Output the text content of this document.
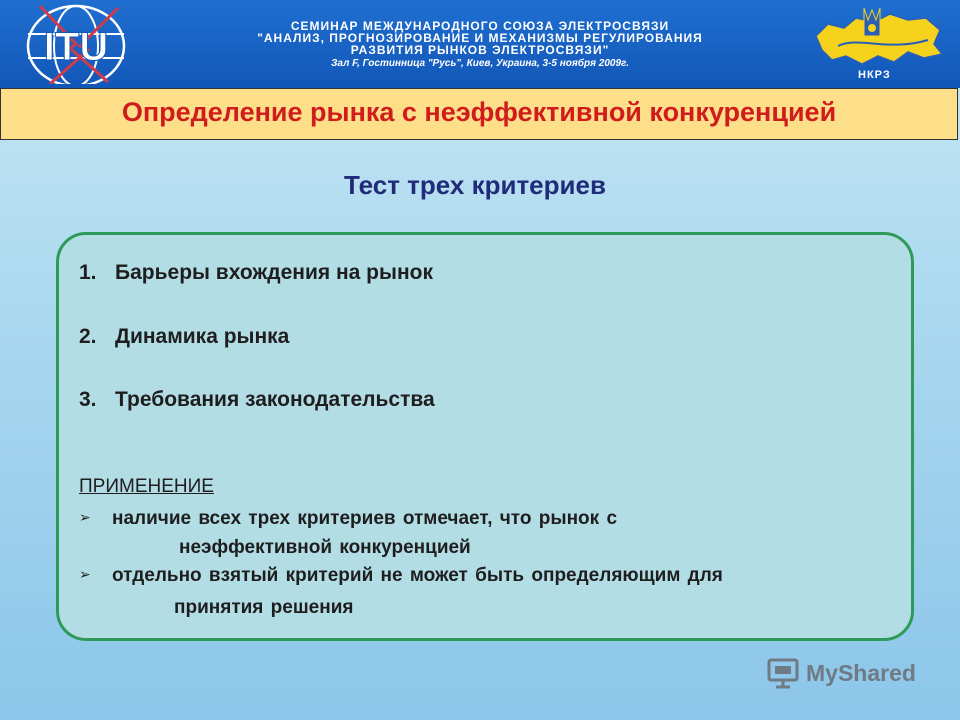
ITU	СЕМИНАР МЕЖДУНАРОДНОГО СОЮЗА ЭЛЕКТРОСВЯЗИ
"АНАЛИЗ, ПРОГНОЗИРОВАНИЕ И МЕХАНИЗМЫ РЕГУЛИРОВАНИЯ
РАЗВИТИЯ РЫНКОВ ЭЛЕКТРОСВЯЗИ"
Зал F, Гостинница "Русь", Киев, Украина, 3-5 ноября 2009г.
НКРЗ
Определение рынка с неэффективной конкуренцией
Тест трех критериев
1. Барьеры вхождения на рынок
2. Динамика рынка
3. Требования законодательства
ПРИМЕНЕНИЕ
➢ наличие всех трех критериев отмечает, что рынок с
неэффективной конкуренцией
➢ отдельно взятый критерий не может быть определяющим для
принятия решения
MyShared
